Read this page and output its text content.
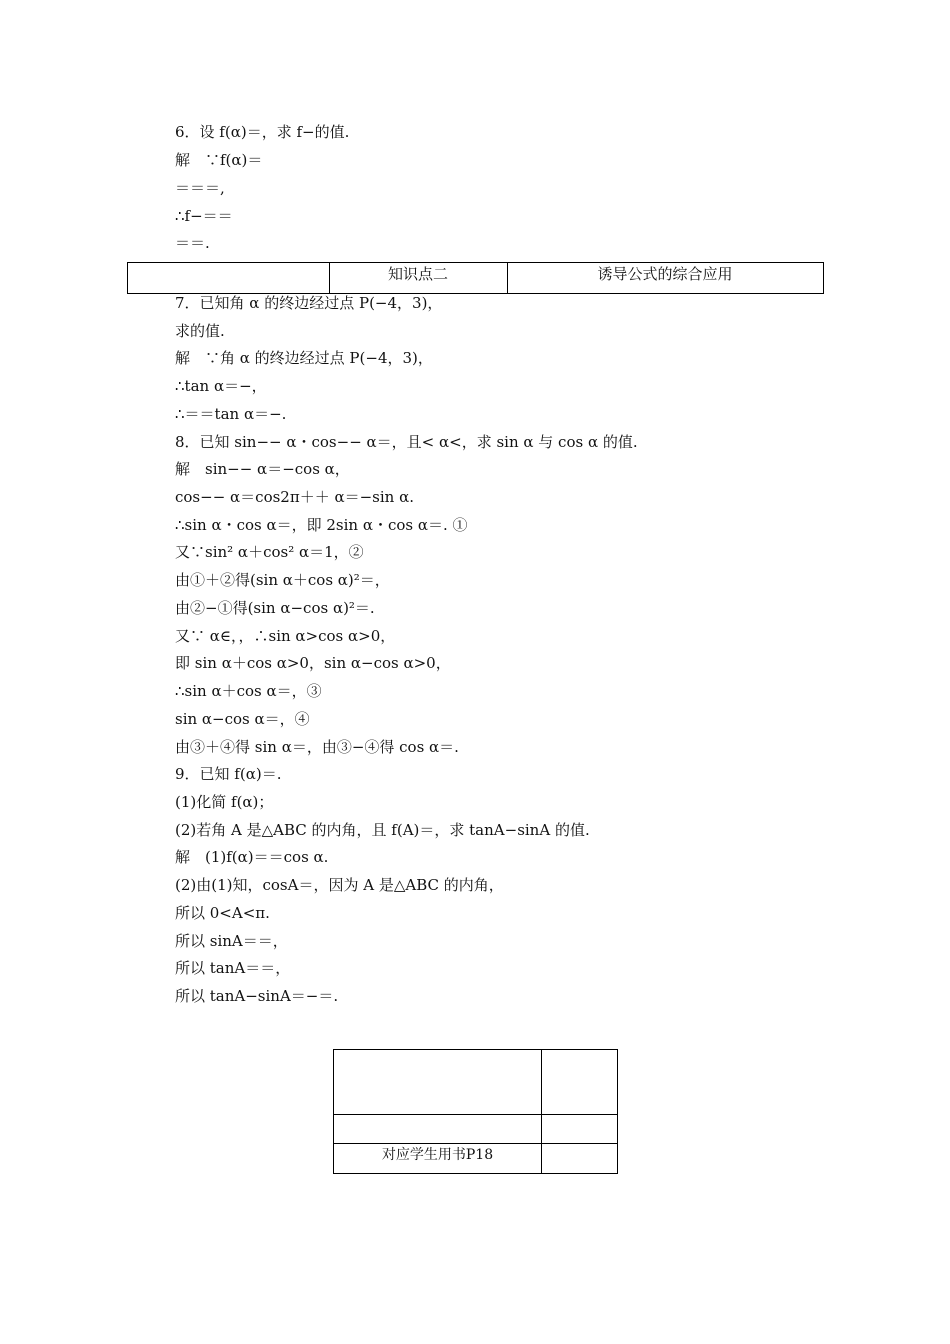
6．设 f(α)＝，求 f−的值.
解　∵f(α)＝
＝＝＝,
∴f−＝＝
＝＝.
知识点二	诱导公式的综合应用
7．已知角 α 的终边经过点 P(−4，3)，
求的值.
解　∵角 α 的终边经过点 P(−4，3)，
∴tan α＝−，
∴＝＝tan α＝−.
8．已知 sin−− α・cos−− α＝，且< α<，求 sin α 与 cos α 的值.
解　sin−− α＝−cos α，
cos−− α＝cos2π＋＋ α＝−sin α.
∴sin α・cos α＝，即 2sin α・cos α＝. ①
又∵sin² α＋cos² α＝1，②
由①＋②得(sin α＋cos α)²＝，
由②−①得(sin α−cos α)²＝.
又∵ α∈，，∴sin α>cos α>0，
即 sin α＋cos α>0，sin α−cos α>0，
∴sin α＋cos α＝，③
sin α−cos α＝，④
由③＋④得 sin α＝，由③−④得 cos α＝.
9．已知 f(α)＝.
(1)化简 f(α)；
(2)若角 A 是△ABC 的内角，且 f(A)＝，求 tanA−sinA 的值.
解　(1)f(α)＝＝cos α.
(2)由(1)知，cosA＝，因为 A 是△ABC 的内角，
所以 0<A<π.
所以 sinA＝＝，
所以 tanA＝＝，
所以 tanA−sinA＝−＝.
对应学生用书P18
